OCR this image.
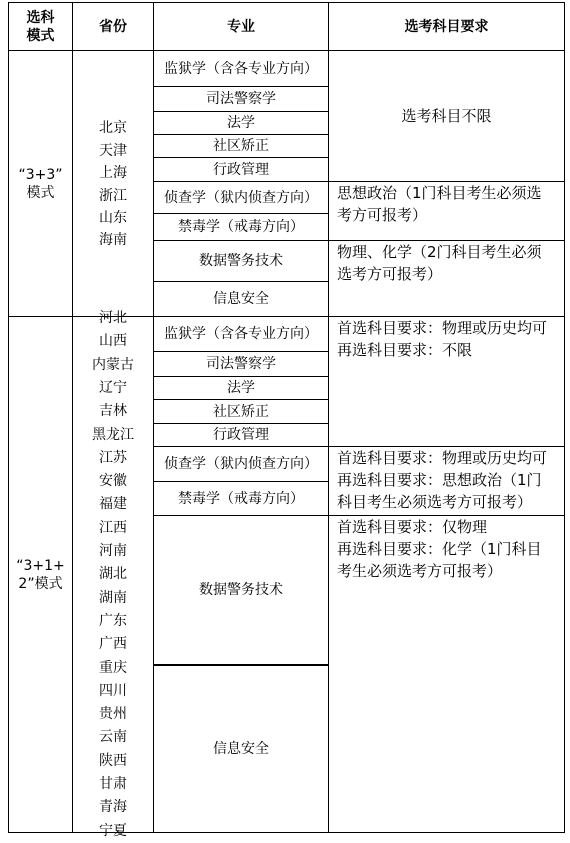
选科
模式
省份	专业	选考科目要求
“3+3”
模式
北京
天津
上海
浙江
山东
海南
监狱学（含各专业方向）
司法警察学
法学
社区矫正
行政管理
侦查学（狱内侦查方向）
禁毒学（戒毒方向）
数据警务技术
信息安全
选考科目不限
思想政治（1门科目考生必须选
考方可报考）
物理、化学（2门科目考生必须
选考方可报考）
“3+1+
2”模式
河北
山西
内蒙古
辽宁
吉林
黑龙江
江苏
安徽
福建
江西
河南
湖北
湖南
广东
广西
重庆
四川
贵州
云南
陕西
甘肃
青海
宁夏
监狱学（含各专业方向）
司法警察学
法学
社区矫正
行政管理
侦查学（狱内侦查方向）
禁毒学（戒毒方向）
数据警务技术
信息安全
首选科目要求：物理或历史均可
再选科目要求：不限
首选科目要求：物理或历史均可
再选科目要求：思想政治（1门
科目考生必须选考方可报考）
首选科目要求：仅物理
再选科目要求：化学（1门科目
考生必须选考方可报考）
